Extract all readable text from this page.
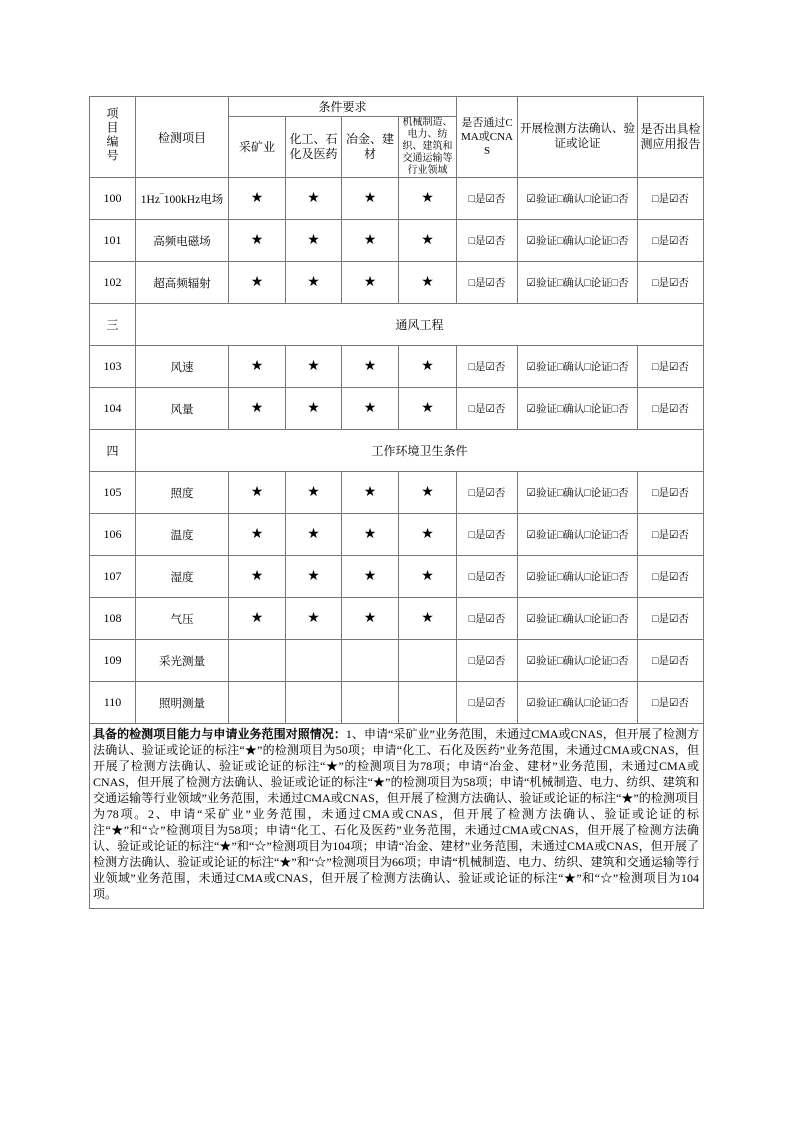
项目编号	检测项目	条件要求				是否通过CMA或CNAS	开展检测方法确认、验证或论证	是否出具检测应用报告
		采矿业	化工、石化及医药	冶金、建材	机械制造、电力、纺织、建筑和交通运输等行业领域			
100	1Hz‾100kHz电场	★	★	★	★	□是☑否	☑验证□确认□论证□否	□是☑否
101	高频电磁场	★	★	★	★	□是☑否	☑验证□确认□论证□否	□是☑否
102	超高频辐射	★	★	★	★	□是☑否	☑验证□确认□论证□否	□是☑否
三	通风工程							
103	风速	★	★	★	★	□是☑否	☑验证□确认□论证□否	□是☑否
104	风量	★	★	★	★	□是☑否	☑验证□确认□论证□否	□是☑否
四	工作环境卫生条件							
105	照度	★	★	★	★	□是☑否	☑验证□确认□论证□否	□是☑否
106	温度	★	★	★	★	□是☑否	☑验证□确认□论证□否	□是☑否
107	湿度	★	★	★	★	□是☑否	☑验证□确认□论证□否	□是☑否
108	气压	★	★	★	★	□是☑否	☑验证□确认□论证□否	□是☑否
109	采光测量					□是☑否	☑验证□确认□论证□否	□是☑否
110	照明测量					□是☑否	☑验证□确认□论证□否	□是☑否
具备的检测项目能力与申请业务范围对照情况：1、申请“采矿业”业务范围，未通过CMA或CNAS，但开展了检测方法确认、验证或论证的标注“★”的检测项目为50项；申请“化工、石化及医药”业务范围，未通过CMA或CNAS，但开展了检测方法确认、验证或论证的标注“★”的检测项目为78项；申请“冶金、建材”业务范围，未通过CMA或CNAS，但开展了检测方法确认、验证或论证的标注“★”的检测项目为58项；申请“机械制造、电力、纺织、建筑和交通运输等行业领域”业务范围，未通过CMA或CNAS，但开展了检测方法确认、验证或论证的标注“★”的检测项目为78项。2、申请“采矿业”业务范围，未通过CMA或CNAS，但开展了检测方法确认、验证或论证的标注“★”和“☆”检测项目为58项；申请“化工、石化及医药”业务范围，未通过CMA或CNAS，但开展了检测方法确认、验证或论证的标注“★”和“☆”检测项目为104项；申请“冶金、建材”业务范围，未通过CMA或CNAS，但开展了检测方法确认、验证或论证的标注“★”和“☆”检测项目为66项；申请“机械制造、电力、纺织、建筑和交通运输等行业领域”业务范围，未通过CMA或CNAS，但开展了检测方法确认、验证或论证的标注“★”和“☆”检测项目为104项。								
